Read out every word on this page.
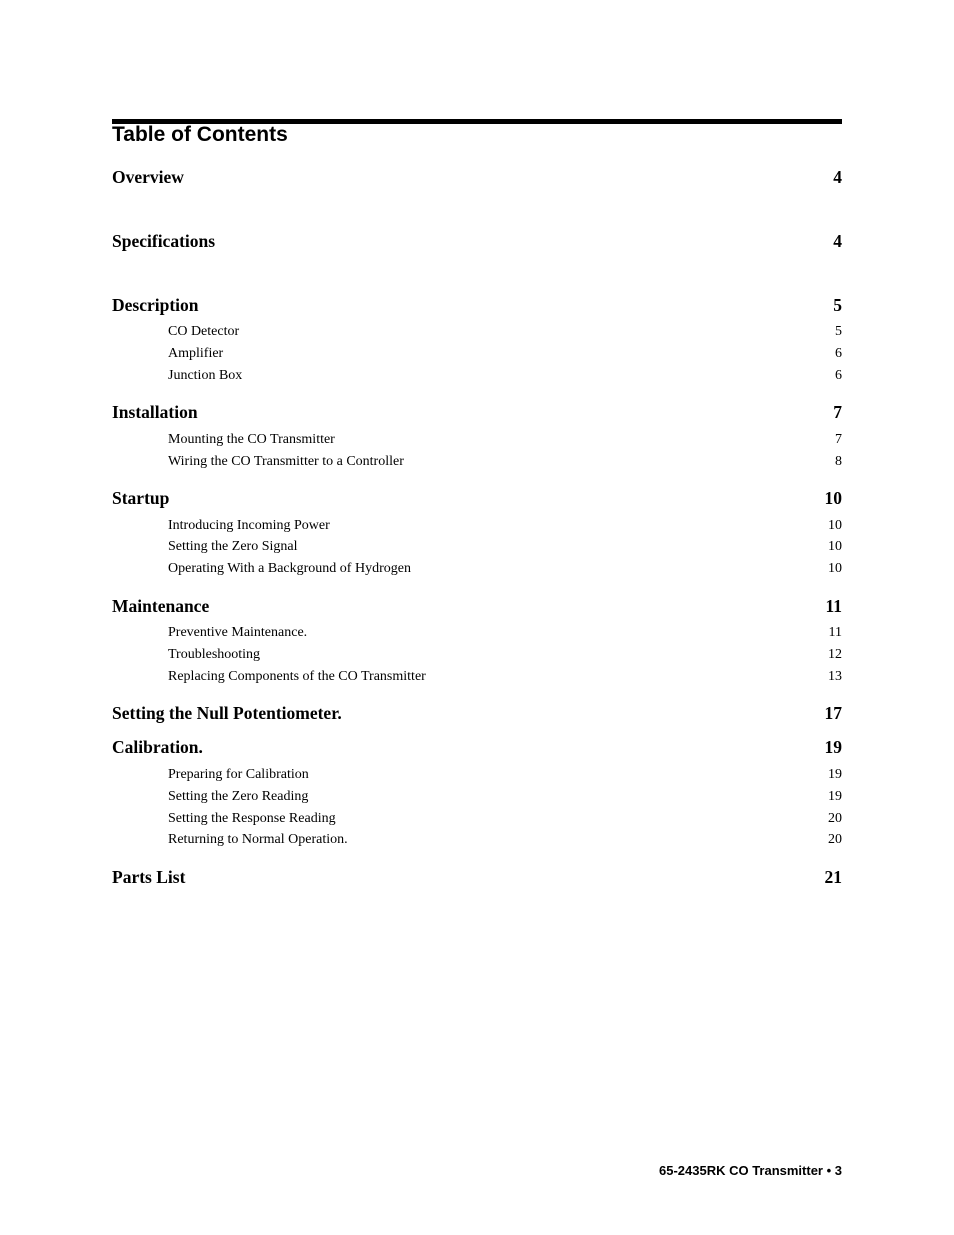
Table of Contents
Overview	4
Specifications	4
Description	5
CO Detector	5
Amplifier	6
Junction Box	6
Installation	7
Mounting the CO Transmitter	7
Wiring the CO Transmitter to a Controller	8
Startup	10
Introducing Incoming Power	10
Setting the Zero Signal	10
Operating With a Background of Hydrogen	10
Maintenance	11
Preventive Maintenance.	11
Troubleshooting	12
Replacing Components of the CO Transmitter	13
Setting the Null Potentiometer.	17
Calibration.	19
Preparing for Calibration	19
Setting the Zero Reading	19
Setting the Response Reading	20
Returning to Normal Operation.	20
Parts List	21
65-2435RK CO Transmitter • 3
